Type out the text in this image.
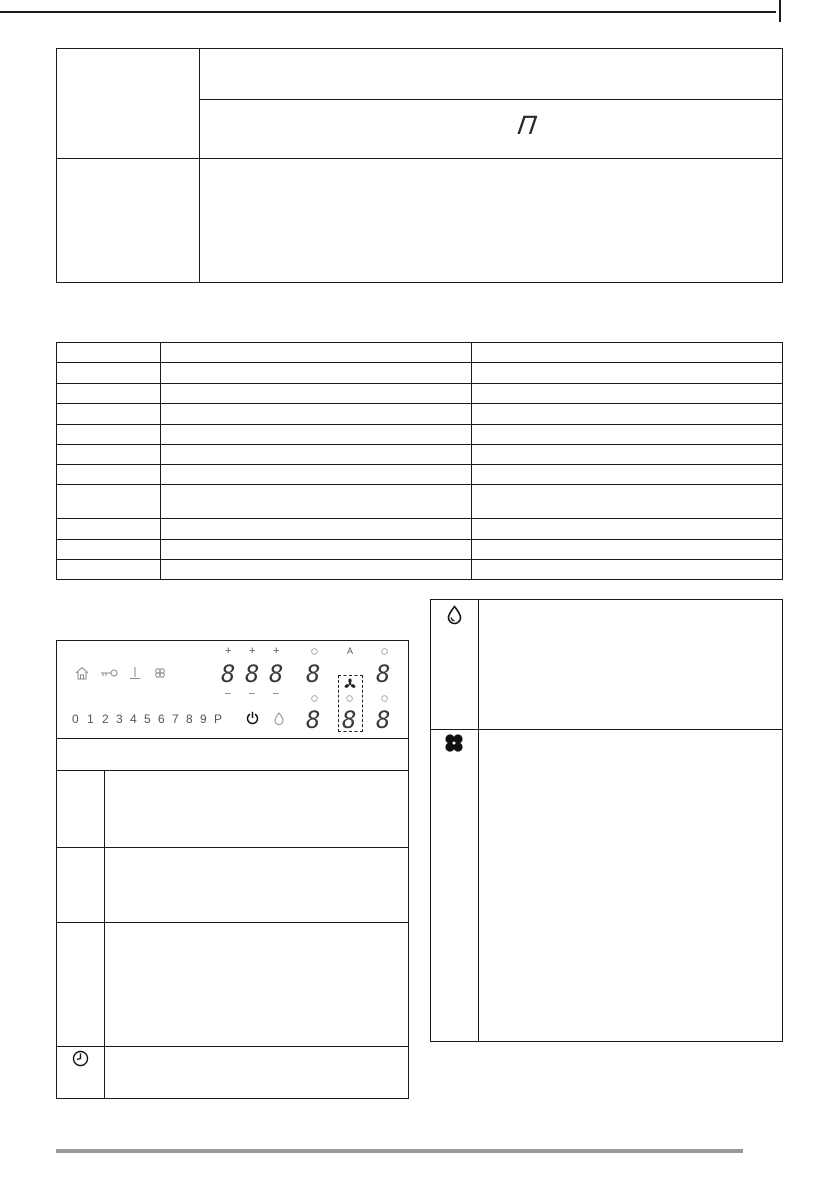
Π
+ + +
– – –
8 8 8 8 8
8 8 8
A
0 1 2 3 4 5 6 7 8 9 P
